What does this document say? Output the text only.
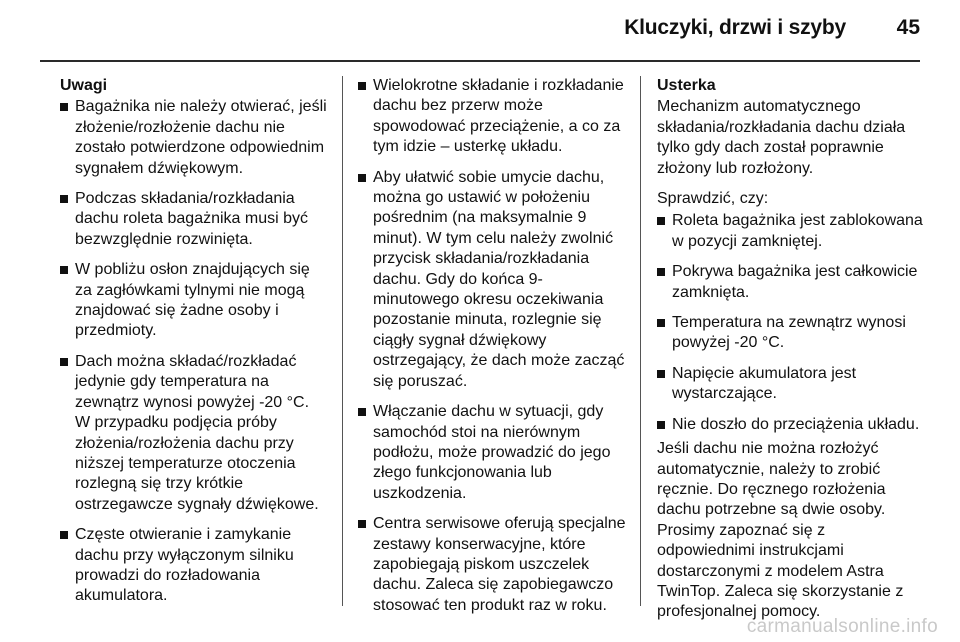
Kluczyki, drzwi i szyby 45
Uwagi
Bagażnika nie należy otwierać, jeśli złożenie/rozłożenie dachu nie zostało potwierdzone odpowiednim sygnałem dźwiękowym.
Podczas składania/rozkładania dachu roleta bagażnika musi być bezwzględnie rozwinięta.
W pobliżu osłon znajdujących się za zagłówkami tylnymi nie mogą znajdować się żadne osoby i przedmioty.
Dach można składać/rozkładać jedynie gdy temperatura na zewnątrz wynosi powyżej -20 °C. W przypadku podjęcia próby złożenia/rozłożenia dachu przy niższej temperaturze otoczenia rozlegną się trzy krótkie ostrzegawcze sygnały dźwiękowe.
Częste otwieranie i zamykanie dachu przy wyłączonym silniku prowadzi do rozładowania akumulatora.
Wielokrotne składanie i rozkładanie dachu bez przerw może spowodować przeciążenie, a co za tym idzie – usterkę układu.
Aby ułatwić sobie umycie dachu, można go ustawić w położeniu pośrednim (na maksymalnie 9 minut). W tym celu należy zwolnić przycisk składania/rozkładania dachu. Gdy do końca 9-minutowego okresu oczekiwania pozostanie minuta, rozlegnie się ciągły sygnał dźwiękowy ostrzegający, że dach może zacząć się poruszać.
Włączanie dachu w sytuacji, gdy samochód stoi na nierównym podłożu, może prowadzić do jego złego funkcjonowania lub uszkodzenia.
Centra serwisowe oferują specjalne zestawy konserwacyjne, które zapobiegają piskom uszczelek dachu. Zaleca się zapobiegawczo stosować ten produkt raz w roku.
Usterka

Mechanizm automatycznego składania/rozkładania dachu działa tylko gdy dach został poprawnie złożony lub rozłożony.

Sprawdzić, czy:

Roleta bagażnika jest zablokowana w pozycji zamkniętej.
Pokrywa bagażnika jest całkowicie zamknięta.
Temperatura na zewnątrz wynosi powyżej -20 °C.
Napięcie akumulatora jest wystarczające.
Nie doszło do przeciążenia układu.

Jeśli dachu nie można rozłożyć automatycznie, należy to zrobić ręcznie. Do ręcznego rozłożenia dachu potrzebne są dwie osoby. Prosimy zapoznać się z odpowiednimi instrukcjami dostarczonymi z modelem Astra TwinTop. Zaleca się skorzystanie z profesjonalnej pomocy.

carmanualsonline.info
